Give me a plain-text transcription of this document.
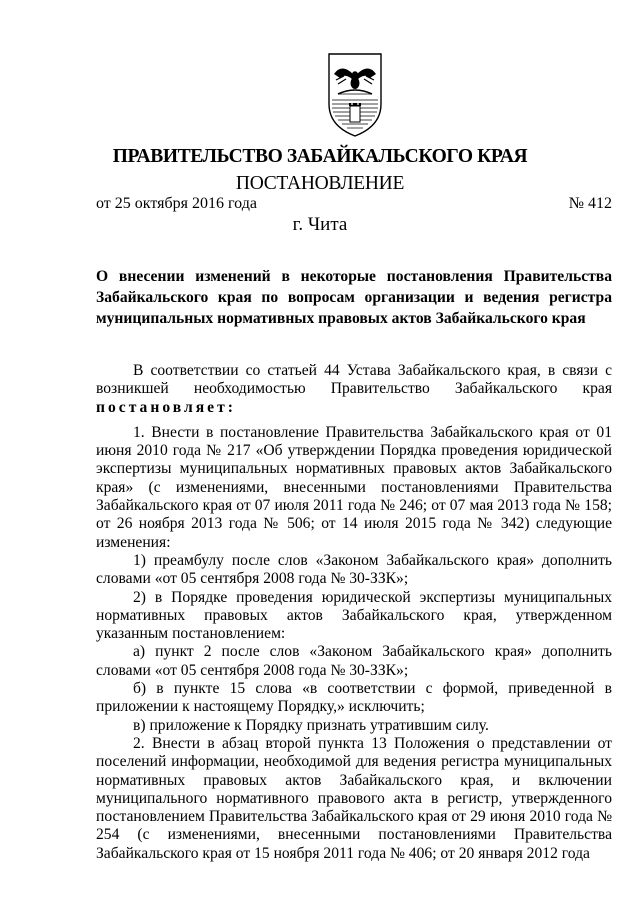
ПРАВИТЕЛЬСТВО ЗАБАЙКАЛЬСКОГО КРАЯ
ПОСТАНОВЛЕНИЕ
от 25 октября 2016 года	№ 412
г. Чита
О внесении изменений в некоторые постановления Правительства Забайкальского края по вопросам организации и ведения регистра муниципальных нормативных правовых актов Забайкальского края

В соответствии со статьей 44 Устава Забайкальского края, в связи с возникшей необходимостью Правительство Забайкальского края постановляет:

1. Внести в постановление Правительства Забайкальского края от 01 июня 2010 года № 217 «Об утверждении Порядка проведения юридической экспертизы муниципальных нормативных правовых актов Забайкальского края» (с изменениями, внесенными постановлениями Правительства Забайкальского края от 07 июля 2011 года № 246; от 07 мая 2013 года № 158; от 26 ноября 2013 года № 506; от 14 июля 2015 года № 342) следующие изменения:

1) преамбулу после слов «Законом Забайкальского края» дополнить словами «от 05 сентября 2008 года № 30-ЗЗК»;

2) в Порядке проведения юридической экспертизы муниципальных нормативных правовых актов Забайкальского края, утвержденном указанным постановлением:

а) пункт 2 после слов «Законом Забайкальского края» дополнить словами «от 05 сентября 2008 года № 30-ЗЗК»;

б) в пункте 15 слова «в соответствии с формой, приведенной в приложении к настоящему Порядку,» исключить;

в) приложение к Порядку признать утратившим силу.

2. Внести в абзац второй пункта 13 Положения о представлении от поселений информации, необходимой для ведения регистра муниципальных нормативных правовых актов Забайкальского края, и включении муниципального нормативного правового акта в регистр, утвержденного постановлением Правительства Забайкальского края от 29 июня 2010 года № 254 (с изменениями, внесенными постановлениями Правительства Забайкальского края от 15 ноября 2011 года № 406; от 20 января 2012 года
